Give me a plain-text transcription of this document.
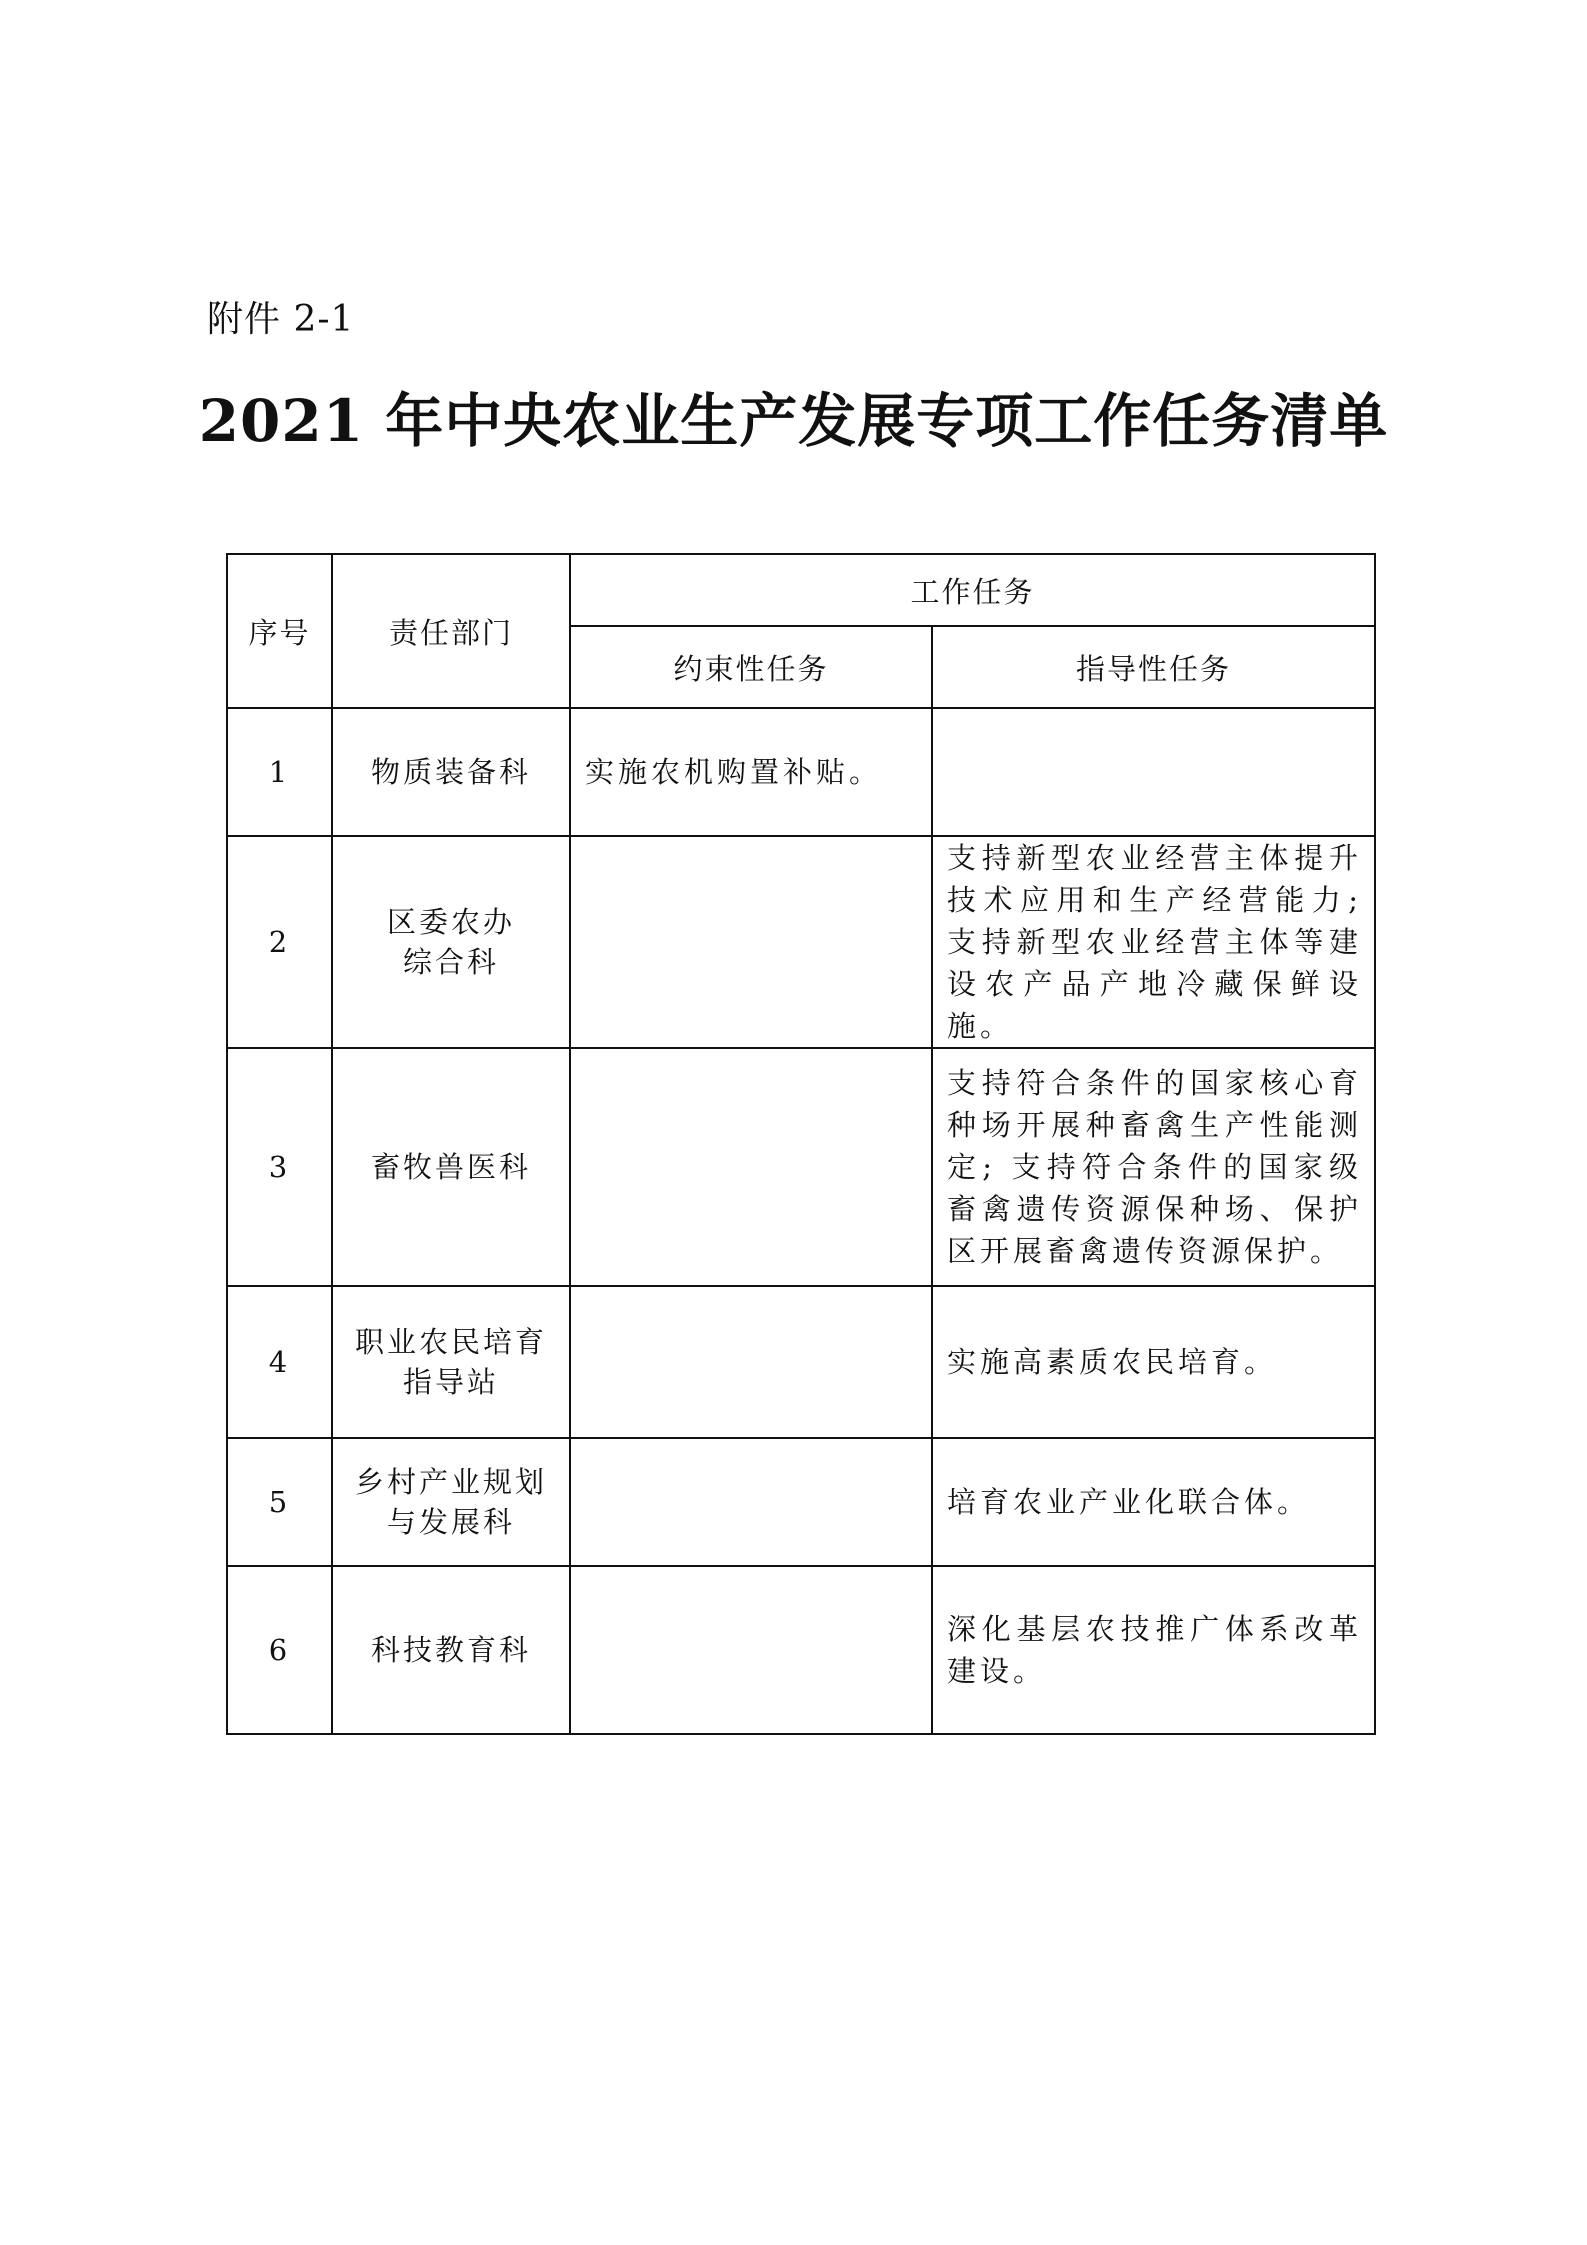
附件 2-1
2021 年中央农业生产发展专项工作任务清单
序号	责任部门	工作任务	
		约束性任务	指导性任务
1	物质装备科	实施农机购置补贴。	
2	区委农办
综合科		支持新型农业经营主体提升技术应用和生产经营能力; 支持新型农业经营主体等建设农产品产地冷藏保鲜设施。
3	畜牧兽医科		支持符合条件的国家核心育种场开展种畜禽生产性能测定; 支持符合条件的国家级畜禽遗传资源保种场、保护区开展畜禽遗传资源保护。
4	职业农民培育
指导站		实施高素质农民培育。
5	乡村产业规划
与发展科		培育农业产业化联合体。
6	科技教育科		深化基层农技推广体系改革建设。
